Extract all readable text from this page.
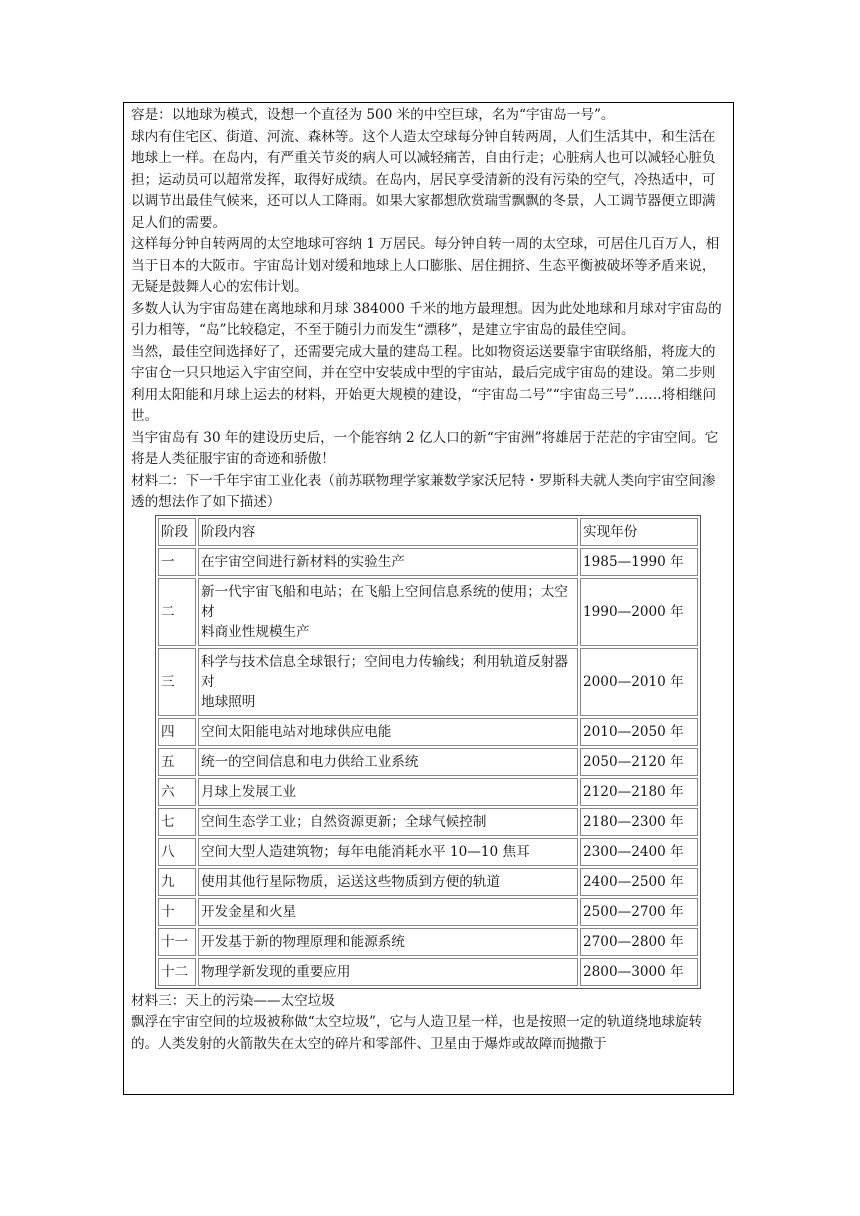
容是：以地球为模式，设想一个直径为 500 米的中空巨球，名为“宇宙岛一号”。

球内有住宅区、街道、河流、森林等。这个人造太空球每分钟自转两周，人们生活其中，和生活在地球上一样。在岛内，有严重关节炎的病人可以减轻痛苦，自由行走；心脏病人也可以减轻心脏负担；运动员可以超常发挥，取得好成绩。在岛内，居民享受清新的没有污染的空气，冷热适中，可以调节出最佳气候来，还可以人工降雨。如果大家都想欣赏瑞雪飘飘的冬景，人工调节器便立即满足人们的需要。

这样每分钟自转两周的太空地球可容纳 1 万居民。每分钟自转一周的太空球，可居住几百万人，相当于日本的大阪市。宇宙岛计划对缓和地球上人口膨胀、居住拥挤、生态平衡被破坏等矛盾来说，无疑是鼓舞人心的宏伟计划。

多数人认为宇宙岛建在离地球和月球 384000 千米的地方最理想。因为此处地球和月球对宇宙岛的引力相等，“岛”比较稳定，不至于随引力而发生“漂移”，是建立宇宙岛的最佳空间。

当然，最佳空间选择好了，还需要完成大量的建岛工程。比如物资运送要靠宇宙联络船，将庞大的宇宙仓一只只地运入宇宙空间，并在空中安装成中型的宇宙站，最后完成宇宙岛的建设。第二步则利用太阳能和月球上运去的材料，开始更大规模的建设，“宇宙岛二号”“宇宙岛三号”……将相继问世。

当宇宙岛有 30 年的建设历史后，一个能容纳 2 亿人口的新“宇宙洲”将雄居于茫茫的宇宙空间。它将是人类征服宇宙的奇迹和骄傲！

材料二：下一千年宇宙工业化表（前苏联物理学家兼数学家沃尼特・罗斯科夫就人类向宇宙空间渗透的想法作了如下描述）

阶段	阶段内容	实现年份
一	在宇宙空间进行新材料的实验生产	1985—1990 年
二	新一代宇宙飞船和电站；在飞船上空间信息系统的使用；太空材
料商业性规模生产	1990—2000 年
三	科学与技术信息全球银行；空间电力传输线；利用轨道反射器对
地球照明	2000—2010 年
四	空间太阳能电站对地球供应电能	2010—2050 年
五	统一的空间信息和电力供给工业系统	2050—2120 年
六	月球上发展工业	2120—2180 年
七	空间生态学工业；自然资源更新；全球气候控制	2180—2300 年
八	空间大型人造建筑物；每年电能消耗水平 10—10 焦耳	2300—2400 年
九	使用其他行星际物质，运送这些物质到方便的轨道	2400—2500 年
十	开发金星和火星	2500—2700 年
十一	开发基于新的物理原理和能源系统	2700—2800 年
十二	物理学新发现的重要应用	2800—3000 年

材料三：天上的污染——太空垃圾

飘浮在宇宙空间的垃圾被称做“太空垃圾”，它与人造卫星一样，也是按照一定的轨道绕地球旋转的。人类发射的火箭散失在太空的碎片和零部件、卫星由于爆炸或故障而抛撒于
